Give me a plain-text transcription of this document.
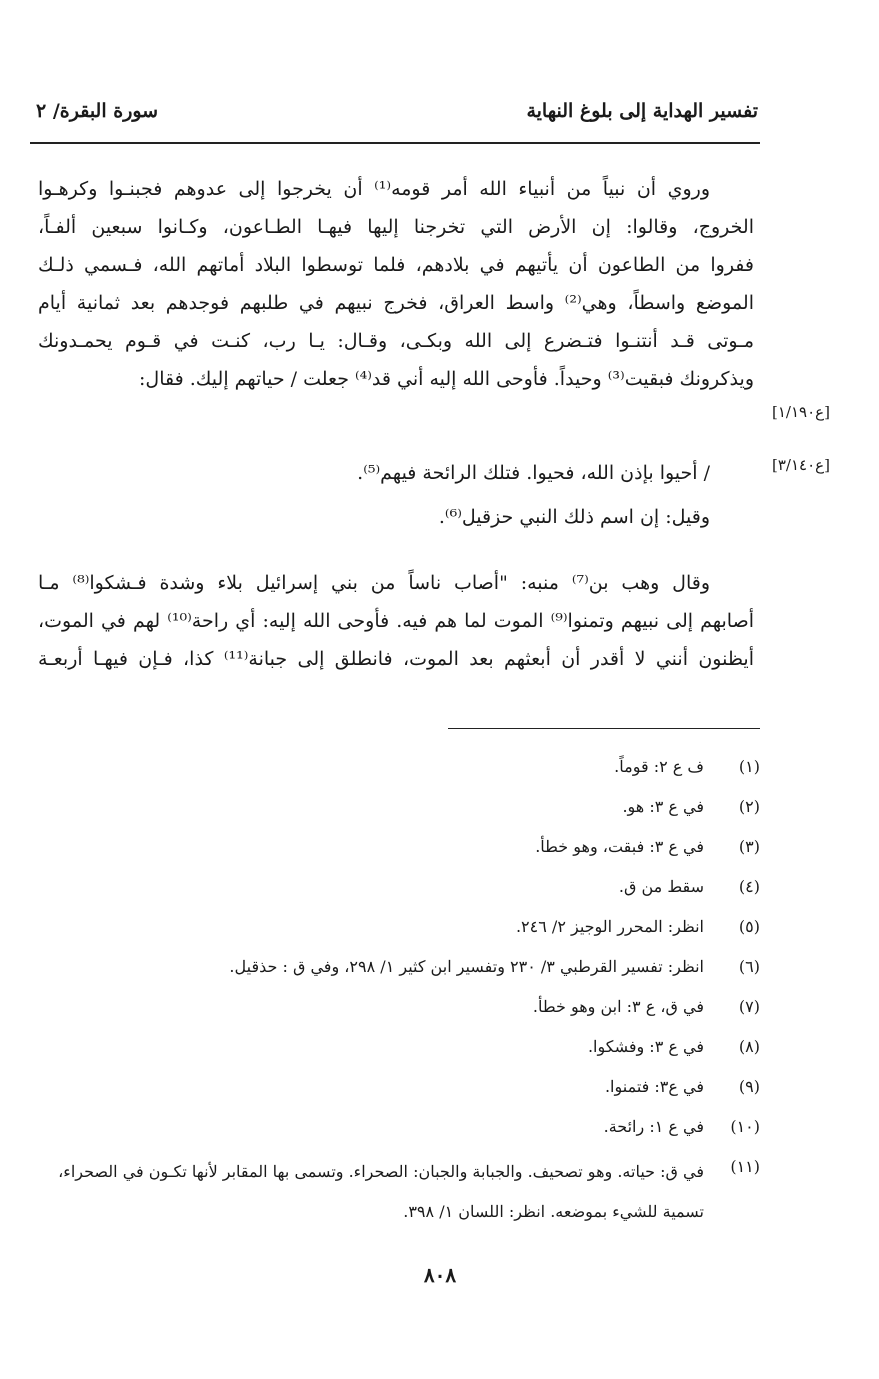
تفسير الهداية إلى بلوغ النهاية
سورة البقرة/ ٢
وروي أن نبياً من أنبياء الله أمر قومه⁽¹⁾ أن يخرجوا إلى عدوهم فجبنـوا وكرهـوا
الخروج، وقالوا: إن الأرض التي تخرجنا إليها فيهـا الطـاعون، وكـانوا سبعين ألفـاً،
ففروا من الطاعون أن يأتيهم في بلادهم، فلما توسطوا البلاد أماتهم الله، فـسمي ذلـك
الموضع واسطاً، وهي⁽²⁾ واسط العراق، فخرج نبيهم في طلبهم فوجدهم بعد ثمانية أيام
مـوتى قـد أنتنـوا فتـضرع إلى الله وبكـى، وقـال: يـا رب، كنـت في قـوم يحمـدونك
ويذكرونك فبقيت⁽³⁾ وحيداً. فأوحى الله إليه أني قد⁽⁴⁾ جعلت / حياتهم إليك. فقال:
/ أحيوا بإذن الله، فحيوا. فتلك الرائحة فيهم⁽⁵⁾.
وقيل: إن اسم ذلك النبي حزقيل⁽⁶⁾.
وقال وهب بن⁽⁷⁾ منبه: "أصاب ناساً من بني إسرائيل بلاء وشدة فـشكوا⁽⁸⁾ مـا
أصابهم إلى نبيهم وتمنوا⁽⁹⁾ الموت لما هم فيه. فأوحى الله إليه: أي راحة⁽¹⁰⁾ لهم في الموت،
أيظنون أنني لا أقدر أن أبعثهم بعد الموت، فانطلق إلى جبانة⁽¹¹⁾ كذا، فـإن فيهـا أربعـة
[ع١/١٩٠]
[ع٣/١٤٠]
(١)
ف ع ٢: قوماً.
(٢)
في ع ٣: هو.
(٣)
في ع ٣: فبقت، وهو خطأ.
(٤)
سقط من ق.
(٥)
انظر: المحرر الوجيز ٢/ ٢٤٦.
(٦)
انظر: تفسير القرطبي ٣/ ٢٣٠ وتفسير ابن كثير ١/ ٢٩٨، وفي ق : حذقيل.
(٧)
في ق، ع ٣: ابن وهو خطأ.
(٨)
في ع ٣: وفشكوا.
(٩)
في ع٣: فتمنوا.
(١٠)
في ع ١: رائحة.
(١١)
في ق: حياته. وهو تصحيف. والجبابة والجبان: الصحراء. وتسمى بها المقابر لأنها تكـون في الصحراء، تسمية للشيء بموضعه. انظر: اللسان ١/ ٣٩٨.
٨٠٨
